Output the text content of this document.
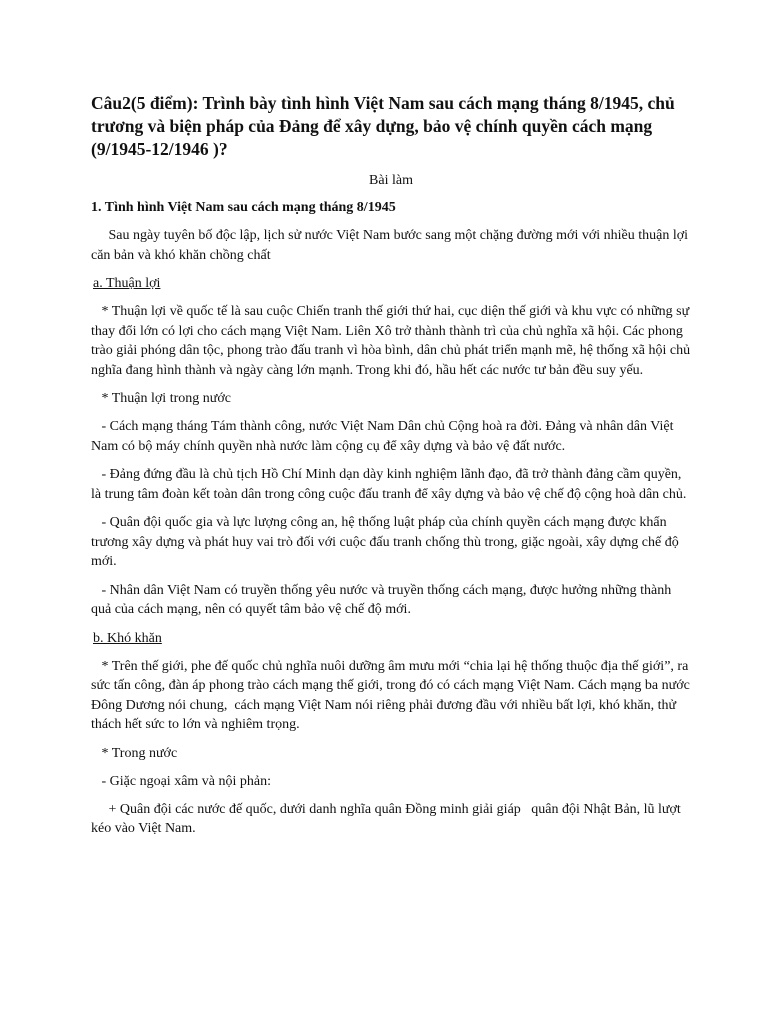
Câu2(5 điểm): Trình bày tình hình Việt Nam sau cách mạng tháng 8/1945, chủ trương và biện pháp của Đảng để xây dựng, bảo vệ chính quyền cách mạng (9/1945-12/1946 )?

Bài làm

1. Tình hình Việt Nam sau cách mạng tháng 8/1945

Sau ngày tuyên bố độc lập, lịch sử nước Việt Nam bước sang một chặng đường mới với nhiều thuận lợi căn bản và khó khăn chồng chất

a. Thuận lợi

* Thuận lợi về quốc tế là sau cuộc Chiến tranh thế giới thứ hai, cục diện thế giới và khu vực có những sự thay đổi lớn có lợi cho cách mạng Việt Nam. Liên Xô trở thành thành trì của chủ nghĩa xã hội. Các phong trào giải phóng dân tộc, phong trào đấu tranh vì hòa bình, dân chủ phát triển mạnh mẽ, hệ thống xã hội chủ nghĩa đang hình thành và ngày càng lớn mạnh. Trong khi đó, hầu hết các nước tư bản đều suy yếu.

* Thuận lợi trong nước

- Cách mạng tháng Tám thành công, nước Việt Nam Dân chủ Cộng hoà ra đời. Đảng và nhân dân Việt Nam có bộ máy chính quyền nhà nước làm cộng cụ để xây dựng và bảo vệ đất nước.

- Đảng đứng đầu là chủ tịch Hồ Chí Minh dạn dày kinh nghiệm lãnh đạo, đã trở thành đảng cầm quyền, là trung tâm đoàn kết toàn dân trong công cuộc đấu tranh để xây dựng và bảo vệ chế độ cộng hoà dân chủ.

- Quân đội quốc gia và lực lượng công an, hệ thống luật pháp của chính quyền cách mạng được khẩn trương xây dựng và phát huy vai trò đối với cuộc đấu tranh chống thù trong, giặc ngoài, xây dựng chế độ mới.

- Nhân dân Việt Nam có truyền thống yêu nước và truyền thống cách mạng, được hưởng những thành quả của cách mạng, nên có quyết tâm bảo vệ chế độ mới.

b. Khó khăn

* Trên thế giới, phe đế quốc chủ nghĩa nuôi dưỡng âm mưu mới “chia lại hệ thống thuộc địa thế giới”, ra sức tấn công, đàn áp phong trào cách mạng thế giới, trong đó có cách mạng Việt Nam. Cách mạng ba nước Đông Dương nói chung,  cách mạng Việt Nam nói riêng phải đương đầu với nhiều bất lợi, khó khăn, thử thách hết sức to lớn và nghiêm trọng.

* Trong nước

- Giặc ngoại xâm và nội phản:

+ Quân đội các nước đế quốc, dưới danh nghĩa quân Đồng minh giải giáp   quân đội Nhật Bản, lũ lượt kéo vào Việt Nam.
